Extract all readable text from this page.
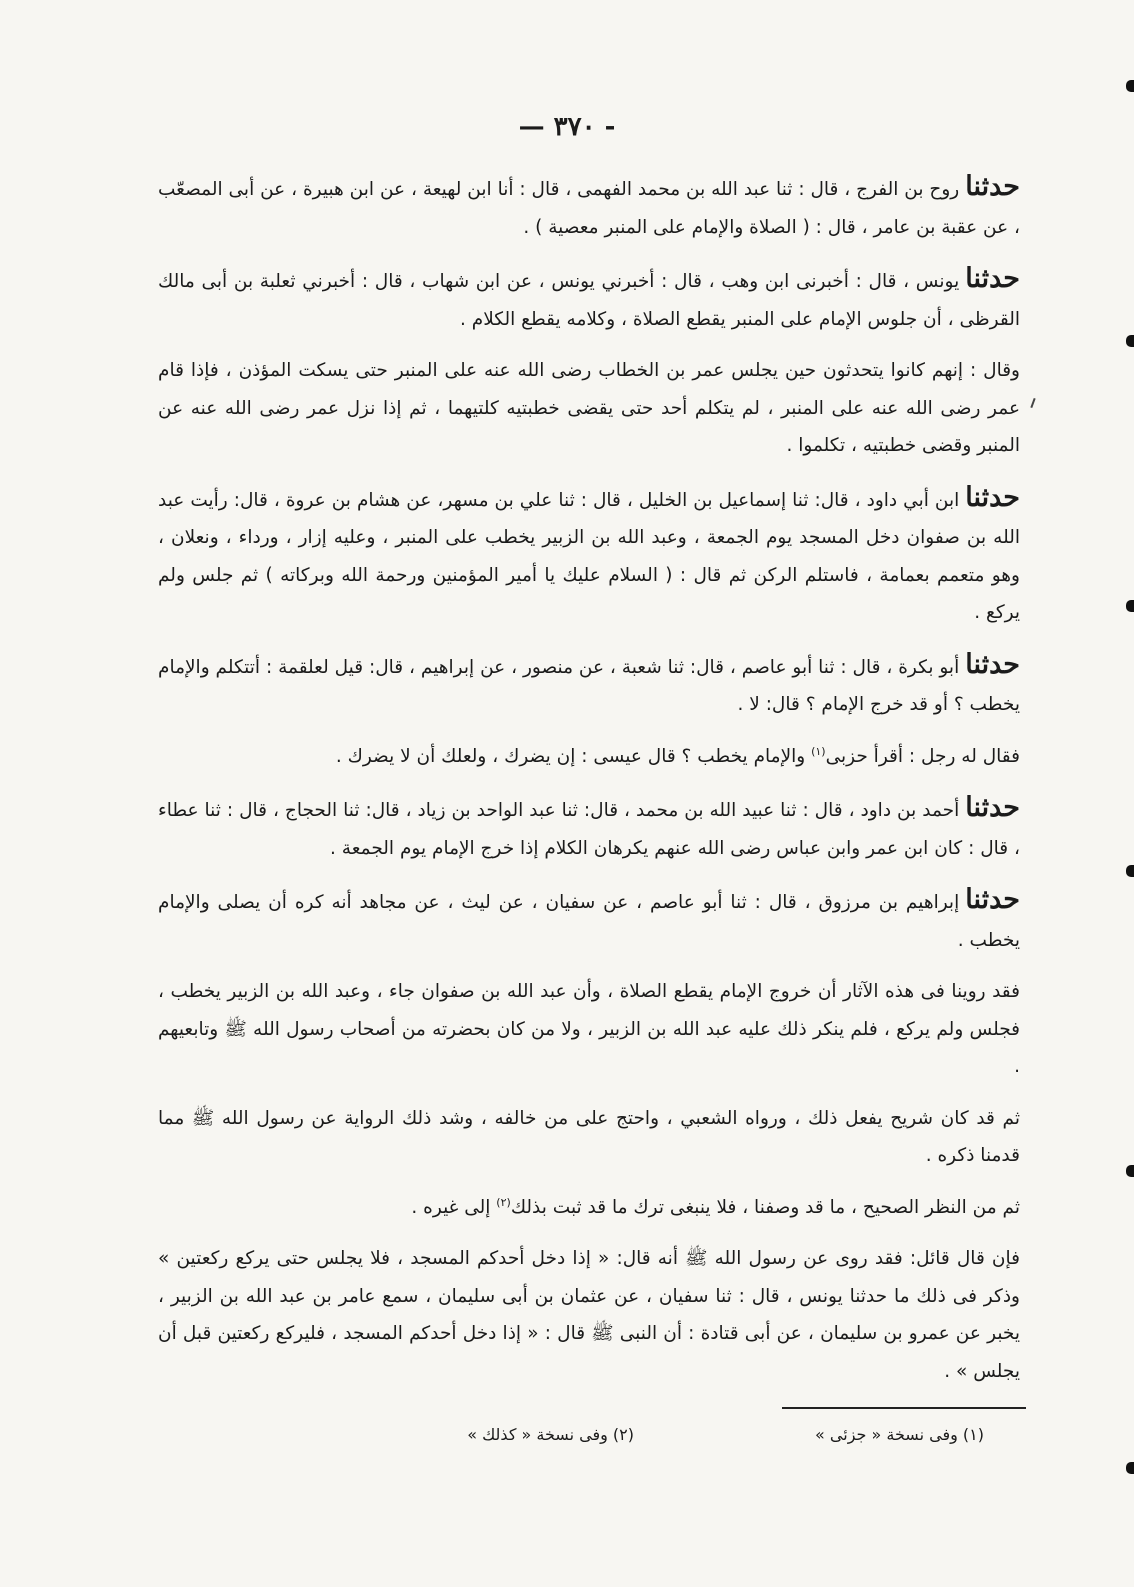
— ٣٧٠ -

حدثناروح بن الفرج ، قال : ثنا عبد الله بن محمد الفهمى ، قال : أنا ابن لهيعة ، عن ابن هبيرة ، عن أبى المصعّب ، عن عقبة بن عامر ، قال : ( الصلاة والإمام على المنبر معصية ) .

حدثنايونس ، قال : أخبرنى ابن وهب ، قال : أخبرني يونس ، عن ابن شهاب ، قال : أخبرني ثعلبة بن أبى مالك القرظى ، أن جلوس الإمام على المنبر يقطع الصلاة ، وكلامه يقطع الكلام .

وقال : إنهم كانوا يتحدثون حين يجلس عمر بن الخطاب رضى الله عنه على المنبر حتى يسكت المؤذن ، فإذا قام عمر رضى الله عنه على المنبر ، لم يتكلم أحد حتى يقضى خطبتيه كلتيهما ، ثم إذا نزل عمر رضى الله عنه عن المنبر وقضى خطبتيه ، تكلموا .

حدثناابن أبي داود ، قال: ثنا إسماعيل بن الخليل ، قال : ثنا علي بن مسهر، عن هشام بن عروة ، قال: رأيت عبد الله بن صفوان دخل المسجد يوم الجمعة ، وعبد الله بن الزبير يخطب على المنبر ، وعليه إزار ، ورداء ، ونعلان ، وهو متعمم بعمامة ، فاستلم الركن ثم قال : ( السلام عليك يا أمير المؤمنين ورحمة الله وبركاته ) ثم جلس ولم يركع .

حدثناأبو بكرة ، قال : ثنا أبو عاصم ، قال: ثنا شعبة ، عن منصور ، عن إبراهيم ، قال: قيل لعلقمة : أتتكلم والإمام يخطب ؟ أو قد خرج الإمام ؟ قال: لا .

فقال له رجل : أقرأ حزبى$^{(١)}$ والإمام يخطب ؟ قال عيسى : إن يضرك ، ولعلك أن لا يضرك .

حدثناأحمد بن داود ، قال : ثنا عبيد الله بن محمد ، قال: ثنا عبد الواحد بن زياد ، قال: ثنا الحجاج ، قال : ثنا عطاء ، قال : كان ابن عمر وابن عباس رضى الله عنهم يكرهان الكلام إذا خرج الإمام يوم الجمعة .

حدثناإبراهيم بن مرزوق ، قال : ثنا أبو عاصم ، عن سفيان ، عن ليث ، عن مجاهد أنه كره أن يصلى والإمام يخطب .

فقد روينا فى هذه الآثار أن خروج الإمام يقطع الصلاة ، وأن عبد الله بن صفوان جاء ، وعبد الله بن الزبير يخطب ، فجلس ولم يركع ، فلم ينكر ذلك عليه عبد الله بن الزبير ، ولا من كان بحضرته من أصحاب رسول الله ﷺ وتابعيهم .

ثم قد كان شريح يفعل ذلك ، ورواه الشعبي ، واحتج على من خالفه ، وشد ذلك الرواية عن رسول الله ﷺ مما قدمنا ذكره .

ثم من النظر الصحيح ، ما قد وصفنا ، فلا ينبغى ترك ما قد ثبت بذلك$^{(٢)}$ إلى غيره .

فإن قال قائل: فقد روى عن رسول الله ﷺ أنه قال: « إذا دخل أحدكم المسجد ، فلا يجلس حتى يركع ركعتين » وذكر فى ذلك ما حدثنا يونس ، قال : ثنا سفيان ، عن عثمان بن أبى سليمان ، سمع عامر بن عبد الله بن الزبير ، يخبر عن عمرو بن سليمان ، عن أبى قتادة : أن النبى ﷺ قال : « إذا دخل أحدكم المسجد ، فليركع ركعتين قبل أن يجلس » .

(١) وفى نسخة « جزئى »
(٢) وفى نسخة « كذلك »
